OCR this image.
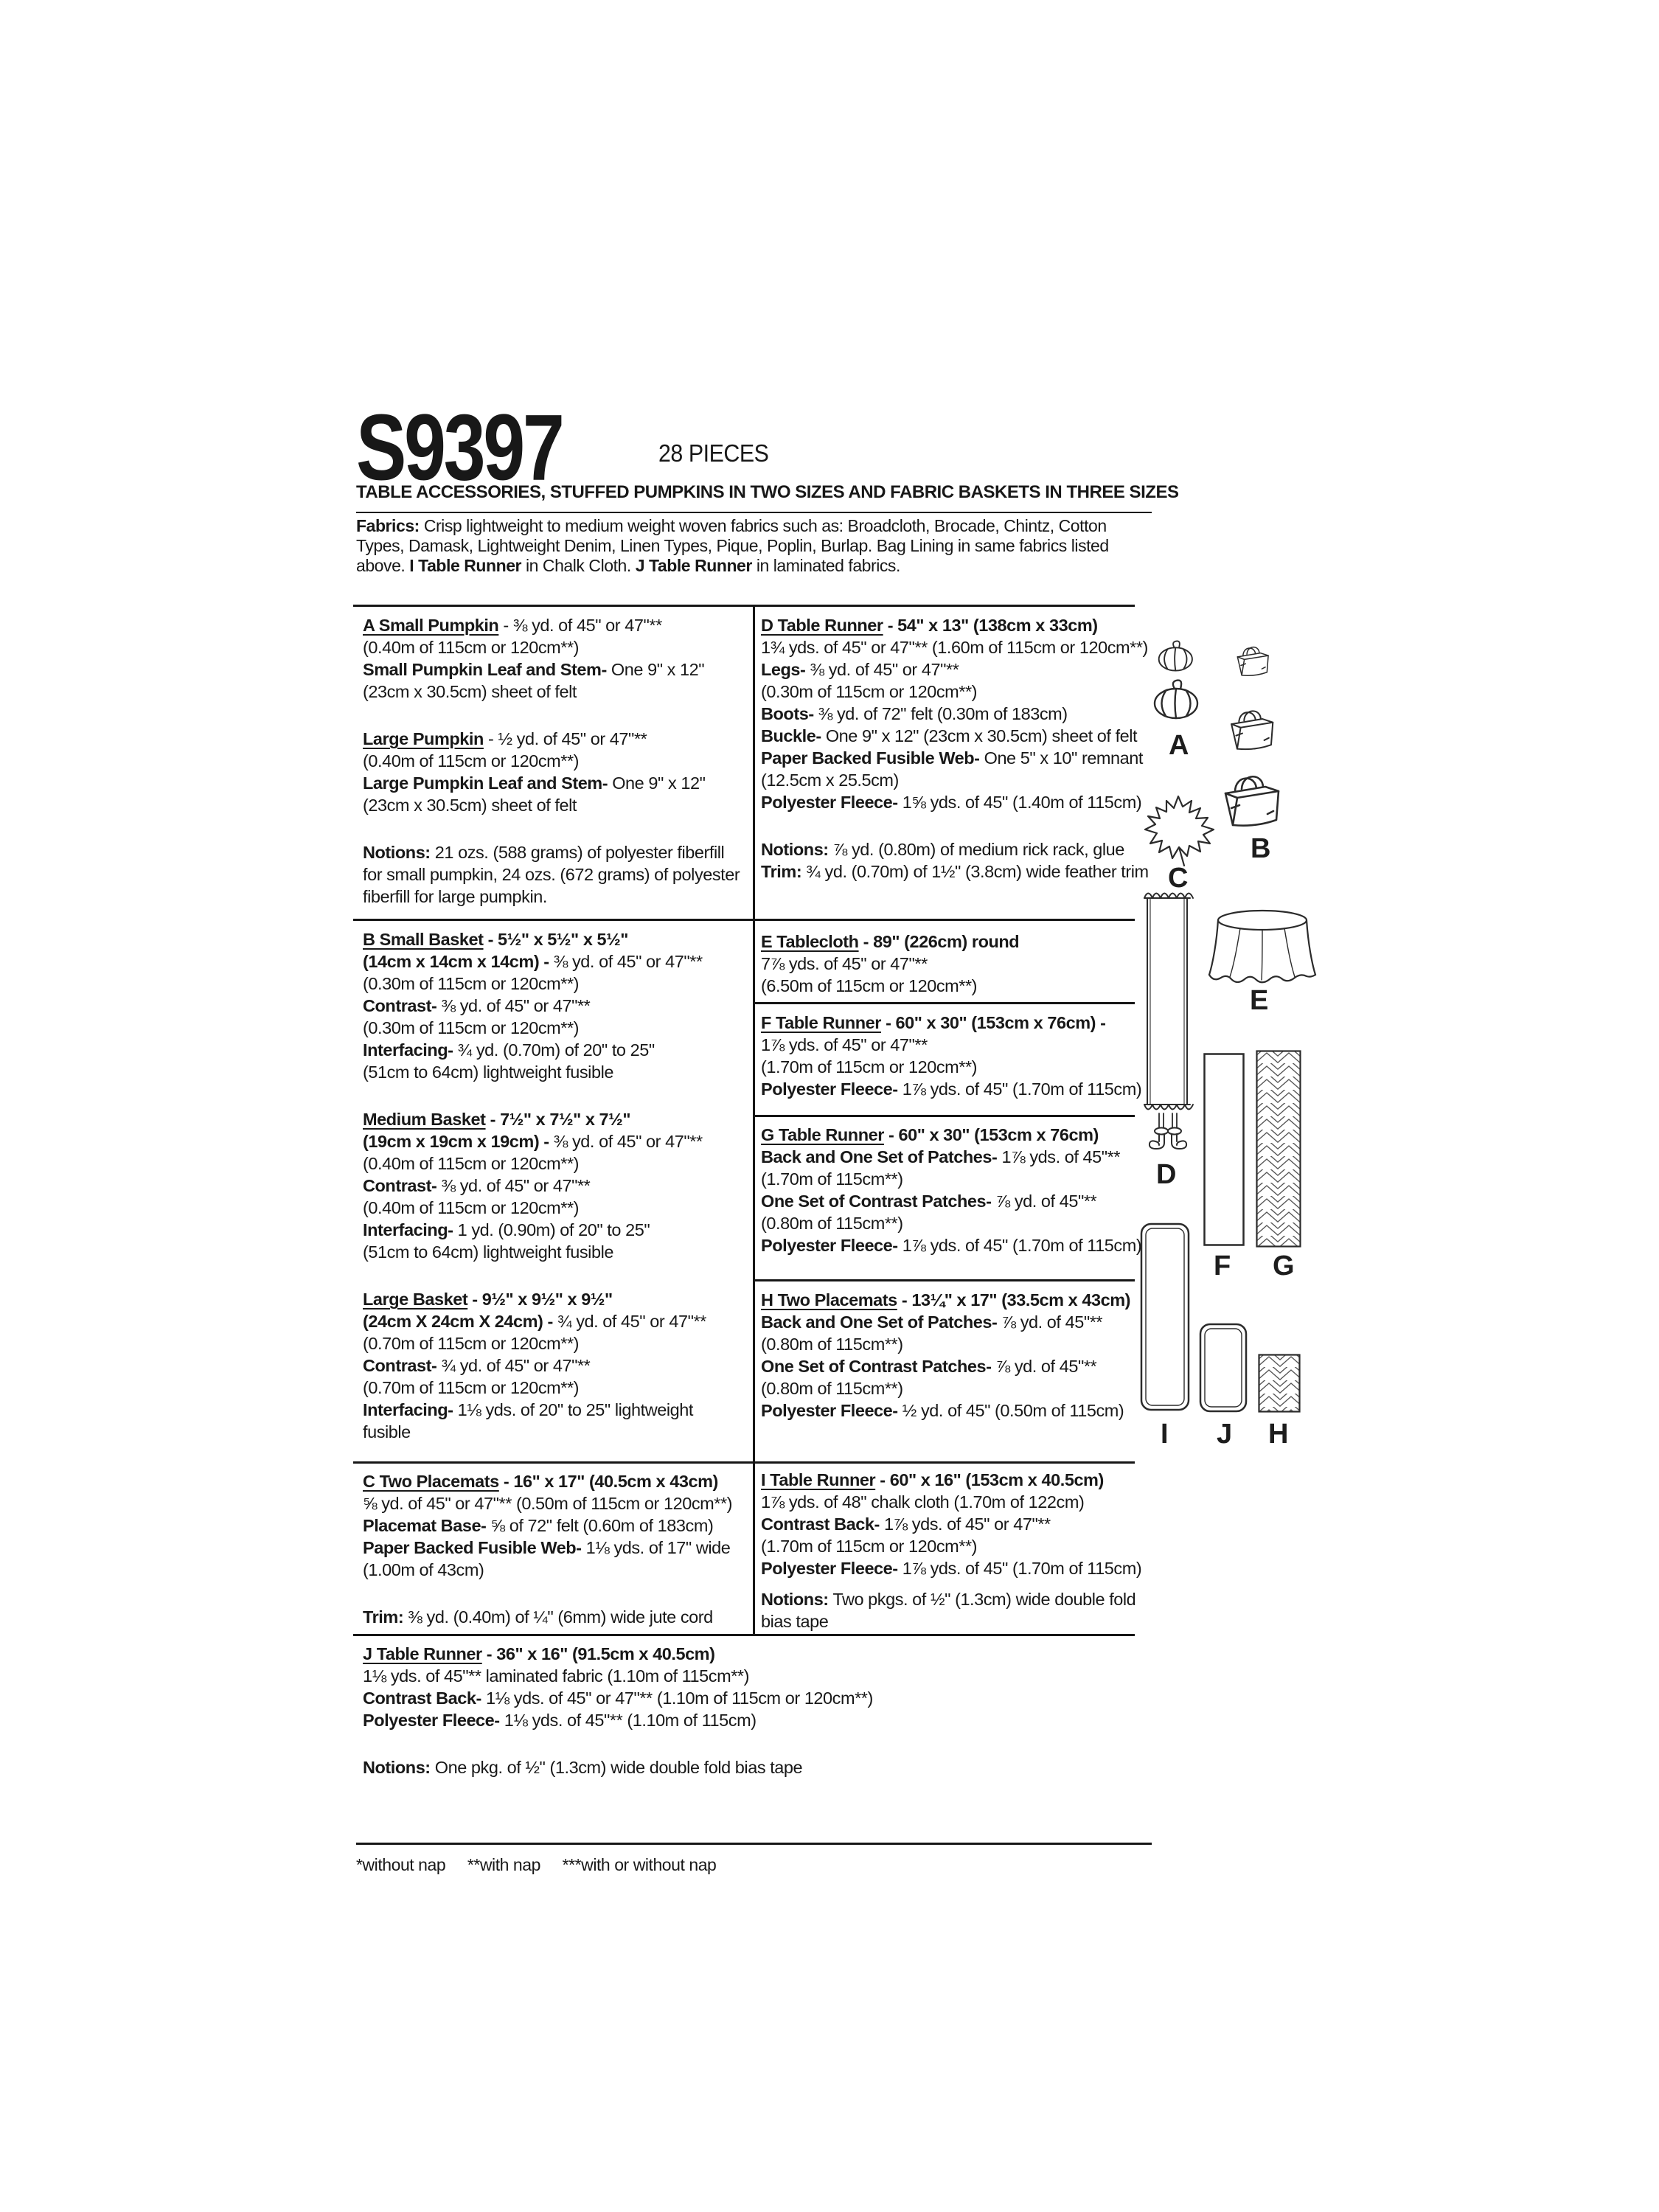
S9397	28 PIECES
TABLE ACCESSORIES, STUFFED PUMPKINS IN TWO SIZES AND FABRIC BASKETS IN THREE SIZES
Fabrics: Crisp lightweight to medium weight woven fabrics such as: Broadcloth, Brocade, Chintz, Cotton
Types, Damask, Lightweight Denim, Linen Types, Pique, Poplin, Burlap. Bag Lining in same fabrics listed
above. I Table Runner in Chalk Cloth. J Table Runner in laminated fabrics.
A Small Pumpkin - ⅜ yd. of 45" or 47"**
(0.40m of 115cm or 120cm**)
Small Pumpkin Leaf and Stem- One 9" x 12"
(23cm x 30.5cm) sheet of felt
Large Pumpkin - ½ yd. of 45" or 47"**
(0.40m of 115cm or 120cm**)
Large Pumpkin Leaf and Stem- One 9" x 12"
(23cm x 30.5cm) sheet of felt
Notions: 21 ozs. (588 grams) of polyester fiberfill
for small pumpkin, 24 ozs. (672 grams) of polyester
fiberfill for large pumpkin.
B Small Basket - 5½" x 5½" x 5½"
(14cm x 14cm x 14cm) - ⅜ yd. of 45" or 47"**
(0.30m of 115cm or 120cm**)
Contrast- ⅜ yd. of 45" or 47"**
(0.30m of 115cm or 120cm**)
Interfacing- ¾ yd. (0.70m) of 20" to 25"
(51cm to 64cm) lightweight fusible
Medium Basket - 7½" x 7½" x 7½"
(19cm x 19cm x 19cm) - ⅜ yd. of 45" or 47"**
(0.40m of 115cm or 120cm**)
Contrast- ⅜ yd. of 45" or 47"**
(0.40m of 115cm or 120cm**)
Interfacing- 1 yd. (0.90m) of 20" to 25"
(51cm to 64cm) lightweight fusible
Large Basket - 9½" x 9½" x 9½"
(24cm X 24cm X 24cm) - ¾ yd. of 45" or 47"**
(0.70m of 115cm or 120cm**)
Contrast- ¾ yd. of 45" or 47"**
(0.70m of 115cm or 120cm**)
Interfacing- 1⅛ yds. of 20" to 25" lightweight
fusible
C Two Placemats - 16" x 17" (40.5cm x 43cm)
⅝ yd. of 45" or 47"** (0.50m of 115cm or 120cm**)
Placemat Base- ⅝ of 72" felt (0.60m of 183cm)
Paper Backed Fusible Web- 1⅛ yds. of 17" wide
(1.00m of 43cm)
Trim: ⅜ yd. (0.40m) of ¼" (6mm) wide jute cord
D Table Runner - 54" x 13" (138cm x 33cm)
1¾ yds. of 45" or 47"** (1.60m of 115cm or 120cm**)
Legs- ⅜ yd. of 45" or 47"**
(0.30m of 115cm or 120cm**)
Boots- ⅜ yd. of 72" felt (0.30m of 183cm)
Buckle- One 9" x 12" (23cm x 30.5cm) sheet of felt
Paper Backed Fusible Web- One 5" x 10" remnant
(12.5cm x 25.5cm)
Polyester Fleece- 1⅝ yds. of 45" (1.40m of 115cm)
Notions: ⅞ yd. (0.80m) of medium rick rack, glue
Trim: ¾ yd. (0.70m) of 1½" (3.8cm) wide feather trim
E Tablecloth - 89" (226cm) round
7⅞ yds. of 45" or 47"**
(6.50m of 115cm or 120cm**)
F Table Runner - 60" x 30" (153cm x 76cm) -
1⅞ yds. of 45" or 47"**
(1.70m of 115cm or 120cm**)
Polyester Fleece- 1⅞ yds. of 45" (1.70m of 115cm)
G Table Runner - 60" x 30" (153cm x 76cm)
Back and One Set of Patches- 1⅞ yds. of 45"**
(1.70m of 115cm**)
One Set of Contrast Patches- ⅞ yd. of 45"**
(0.80m of 115cm**)
Polyester Fleece- 1⅞ yds. of 45" (1.70m of 115cm)
H Two Placemats - 13¼" x 17" (33.5cm x 43cm)
Back and One Set of Patches- ⅞ yd. of 45"**
(0.80m of 115cm**)
One Set of Contrast Patches- ⅞ yd. of 45"**
(0.80m of 115cm**)
Polyester Fleece- ½ yd. of 45" (0.50m of 115cm)
I Table Runner - 60" x 16" (153cm x 40.5cm)
1⅞ yds. of 48" chalk cloth (1.70m of 122cm)
Contrast Back- 1⅞ yds. of 45" or 47"**
(1.70m of 115cm or 120cm**)
Polyester Fleece- 1⅞ yds. of 45" (1.70m of 115cm)
Notions: Two pkgs. of ½" (1.3cm) wide double fold
bias tape
J Table Runner - 36" x 16" (91.5cm x 40.5cm)
1⅛ yds. of 45"** laminated fabric (1.10m of 115cm**)
Contrast Back- 1⅛ yds. of 45" or 47"** (1.10m of 115cm or 120cm**)
Polyester Fleece- 1⅛ yds. of 45"** (1.10m of 115cm)
Notions: One pkg. of ½" (1.3cm) wide double fold bias tape
*without nap     **with nap     ***with or without nap
A
B
C
D
E
F G
I J H
